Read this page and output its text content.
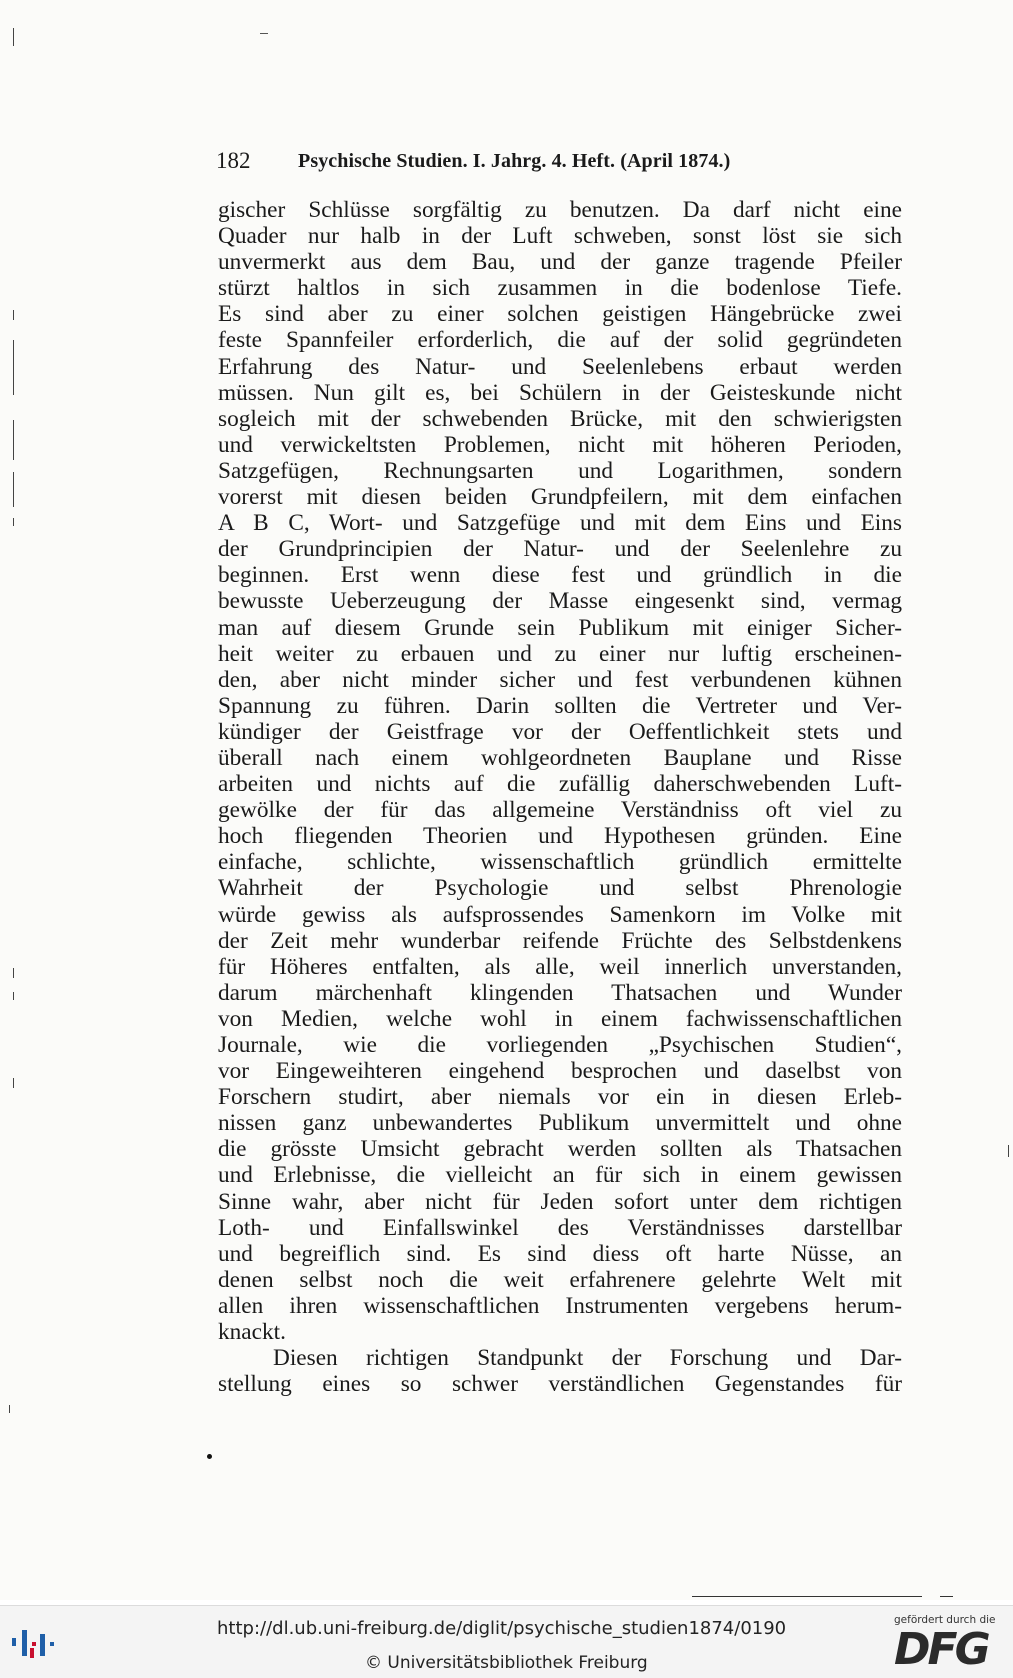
182 Psychische Studien. I. Jahrg. 4. Heft. (April 1874.)
gischer Schlüsse sorgfältig zu benutzen. Da darf nicht eine
Quader nur halb in der Luft schweben, sonst löst sie sich
unvermerkt aus dem Bau, und der ganze tragende Pfeiler
stürzt haltlos in sich zusammen in die bodenlose Tiefe.
Es sind aber zu einer solchen geistigen Hängebrücke zwei
feste Spannfeiler erforderlich, die auf der solid gegründeten
Erfahrung des Natur- und Seelenlebens erbaut werden
müssen. Nun gilt es, bei Schülern in der Geisteskunde nicht
sogleich mit der schwebenden Brücke, mit den schwierigsten
und verwickeltsten Problemen, nicht mit höheren Perioden,
Satzgefügen, Rechnungsarten und Logarithmen, sondern
vorerst mit diesen beiden Grundpfeilern, mit dem einfachen
A B C, Wort- und Satzgefüge und mit dem Eins und Eins
der Grundprincipien der Natur- und der Seelenlehre zu
beginnen. Erst wenn diese fest und gründlich in die
bewusste Ueberzeugung der Masse eingesenkt sind, vermag
man auf diesem Grunde sein Publikum mit einiger Sicher-
heit weiter zu erbauen und zu einer nur luftig erscheinen-
den, aber nicht minder sicher und fest verbundenen kühnen
Spannung zu führen. Darin sollten die Vertreter und Ver-
kündiger der Geistfrage vor der Oeffentlichkeit stets und
überall nach einem wohlgeordneten Bauplane und Risse
arbeiten und nichts auf die zufällig daherschwebenden Luft-
gewölke der für das allgemeine Verständniss oft viel zu
hoch fliegenden Theorien und Hypothesen gründen. Eine
einfache, schlichte, wissenschaftlich gründlich ermittelte
Wahrheit der Psychologie und selbst Phrenologie
würde gewiss als aufsprossendes Samenkorn im Volke mit
der Zeit mehr wunderbar reifende Früchte des Selbstdenkens
für Höheres entfalten, als alle, weil innerlich unverstanden,
darum märchenhaft klingenden Thatsachen und Wunder
von Medien, welche wohl in einem fachwissenschaftlichen
Journale, wie die vorliegenden „Psychischen Studien“,
vor Eingeweihteren eingehend besprochen und daselbst von
Forschern studirt, aber niemals vor ein in diesen Erleb-
nissen ganz unbewandertes Publikum unvermittelt und ohne
die grösste Umsicht gebracht werden sollten als Thatsachen
und Erlebnisse, die vielleicht an für sich in einem gewissen
Sinne wahr, aber nicht für Jeden sofort unter dem richtigen
Loth- und Einfallswinkel des Verständnisses darstellbar
und begreiflich sind. Es sind diess oft harte Nüsse, an
denen selbst noch die weit erfahrenere gelehrte Welt mit
allen ihren wissenschaftlichen Instrumenten vergebens herum-
knackt.
Diesen richtigen Standpunkt der Forschung und Dar-
stellung eines so schwer verständlichen Gegenstandes für
http://dl.ub.uni-freiburg.de/diglit/psychische_studien1874/0190
© Universitätsbibliothek Freiburg
gefördert durch die
DFG
